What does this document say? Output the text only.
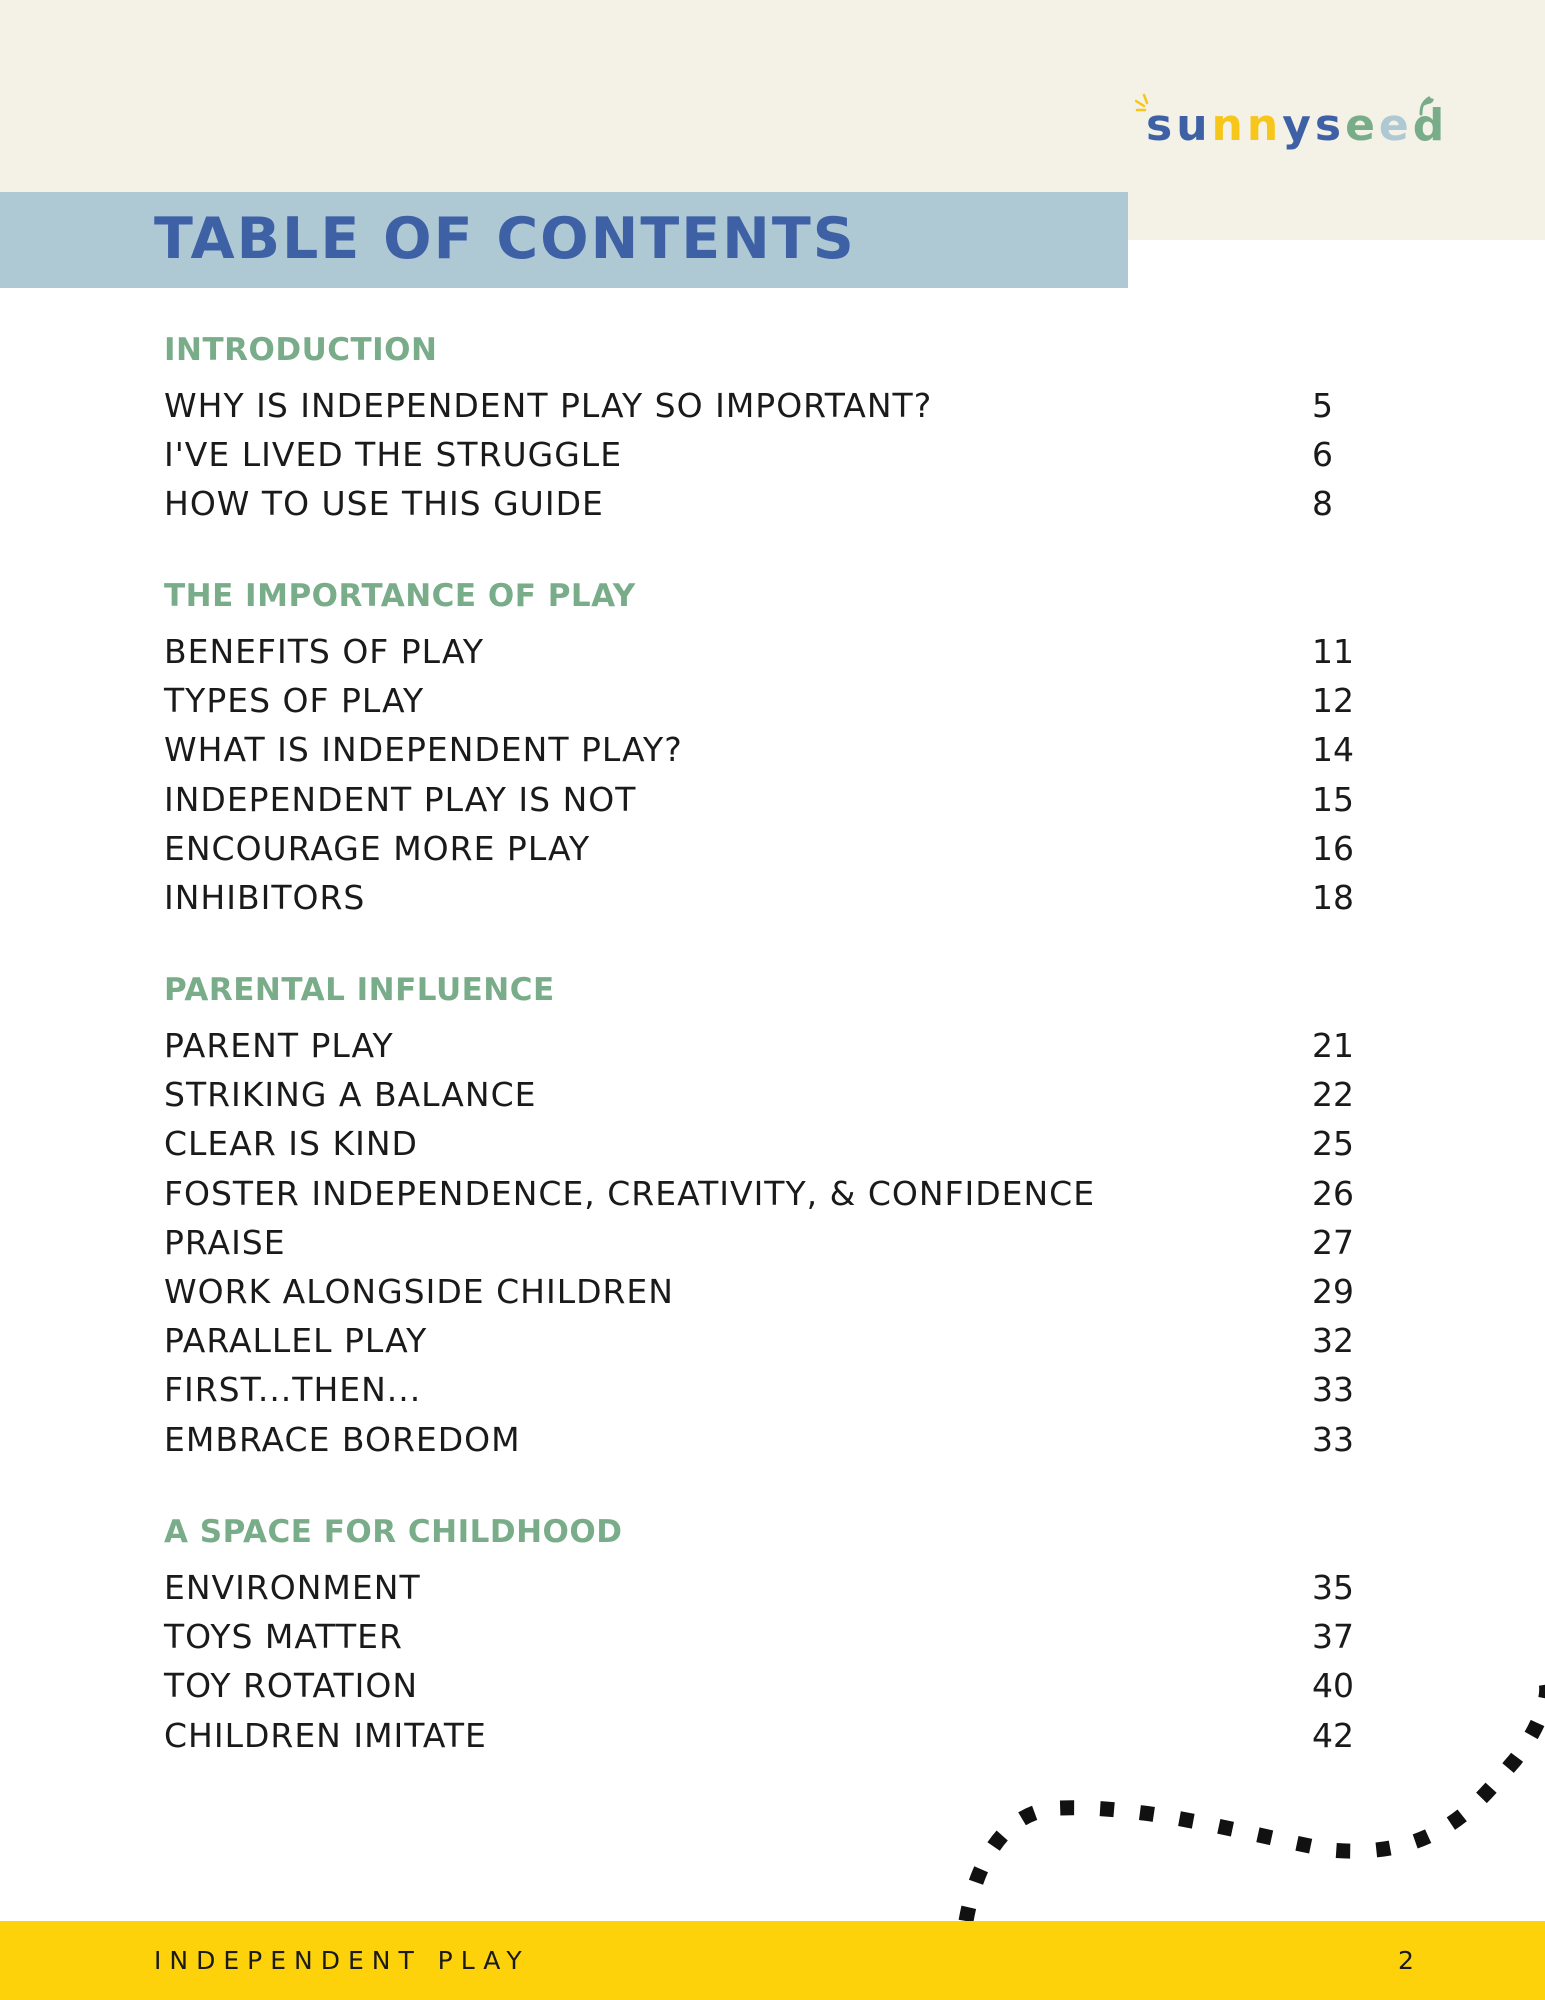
sunnyseed
TABLE OF CONTENTS
INTRODUCTION
WHY IS INDEPENDENT PLAY SO IMPORTANT?	5
I'VE LIVED THE STRUGGLE	6
HOW TO USE THIS GUIDE	8
THE IMPORTANCE OF PLAY
BENEFITS OF PLAY	11
TYPES OF PLAY	12
WHAT IS INDEPENDENT PLAY?	14
INDEPENDENT PLAY IS NOT	15
ENCOURAGE MORE PLAY	16
INHIBITORS	18
PARENTAL INFLUENCE
PARENT PLAY	21
STRIKING A BALANCE	22
CLEAR IS KIND	25
FOSTER INDEPENDENCE, CREATIVITY, & CONFIDENCE	26
PRAISE	27
WORK ALONGSIDE CHILDREN	29
PARALLEL PLAY	32
FIRST...THEN...	33
EMBRACE BOREDOM	33
A SPACE FOR CHILDHOOD
ENVIRONMENT	35
TOYS MATTER	37
TOY ROTATION	40
CHILDREN IMITATE	42
INDEPENDENT PLAY	2
